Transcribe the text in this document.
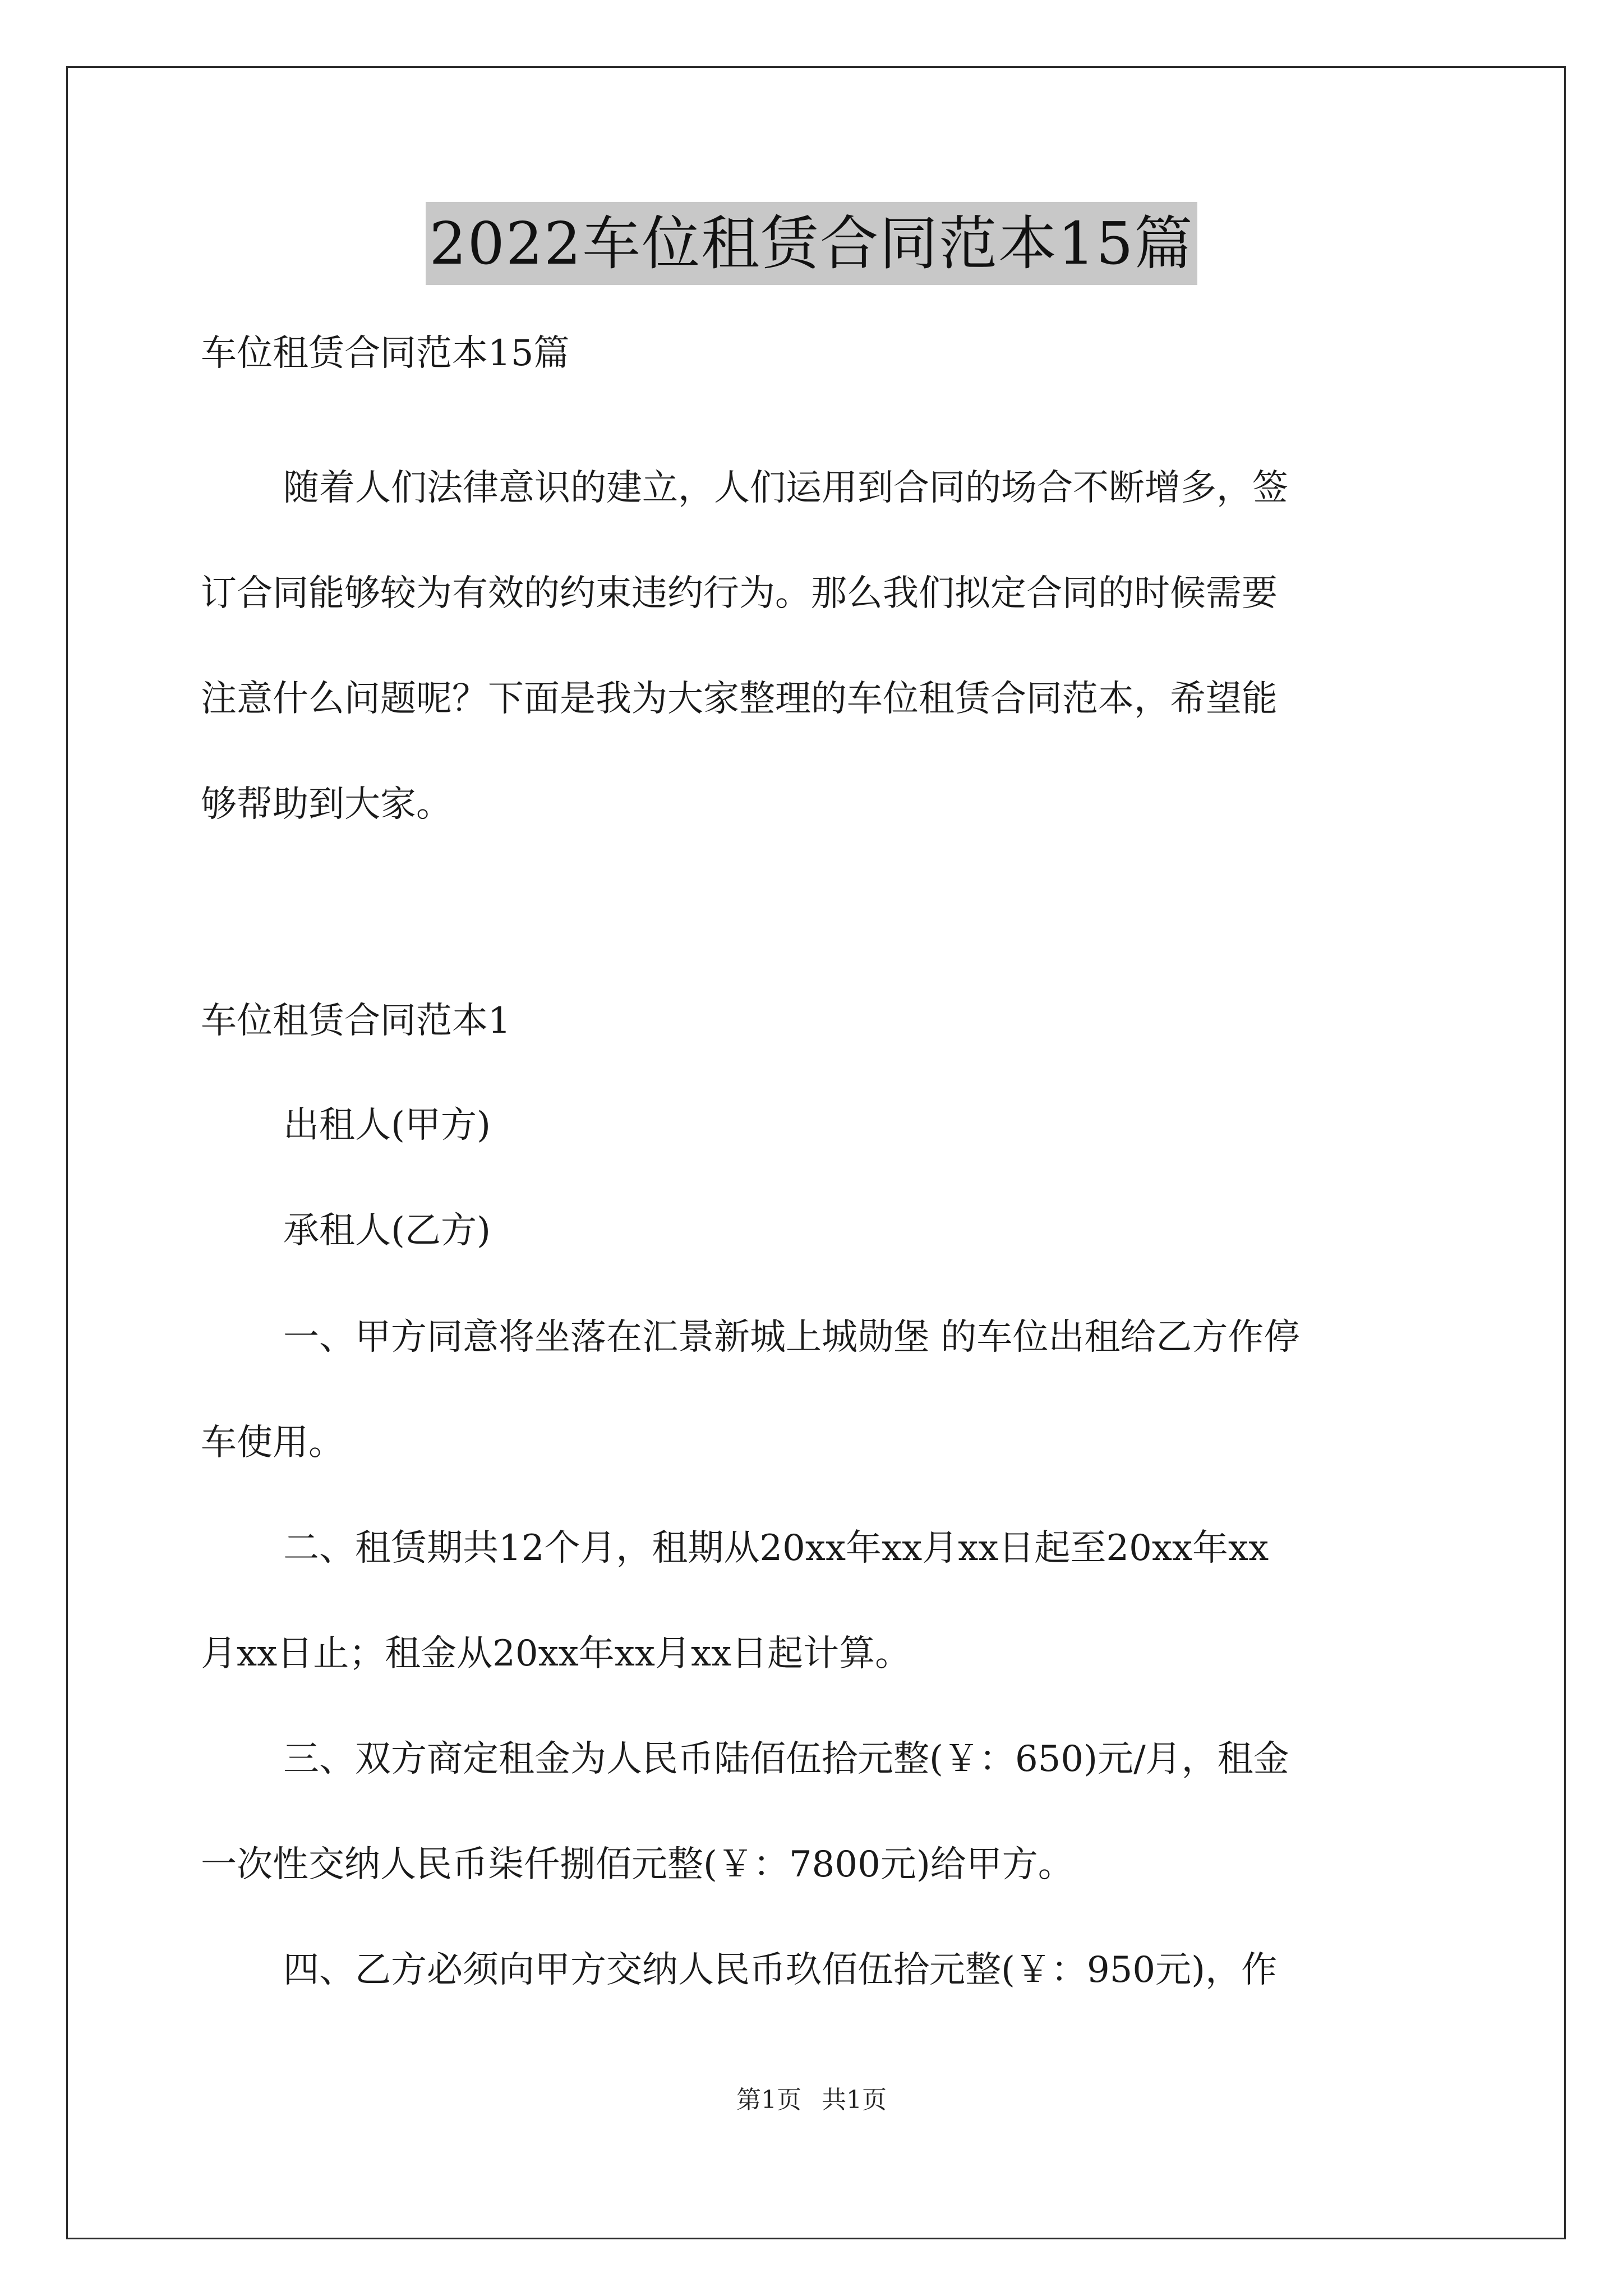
2022车位租赁合同范本15篇
车位租赁合同范本15篇
随着人们法律意识的建立，人们运用到合同的场合不断增多，签
订合同能够较为有效的约束违约行为。那么我们拟定合同的时候需要
注意什么问题呢？下面是我为大家整理的车位租赁合同范本，希望能
够帮助到大家。
车位租赁合同范本1
出租人(甲方)
承租人(乙方)
一、甲方同意将坐落在汇景新城上城勋堡 的车位出租给乙方作停
车使用。
二、租赁期共12个月，租期从20xx年xx月xx日起至20xx年xx
月xx日止；租金从20xx年xx月xx日起计算。
三、双方商定租金为人民币陆佰伍拾元整(￥：650)元/月，租金
一次性交纳人民币柒仟捌佰元整(￥：7800元)给甲方。
四、乙方必须向甲方交纳人民币玖佰伍拾元整(￥：950元)，作
第1页 共1页
